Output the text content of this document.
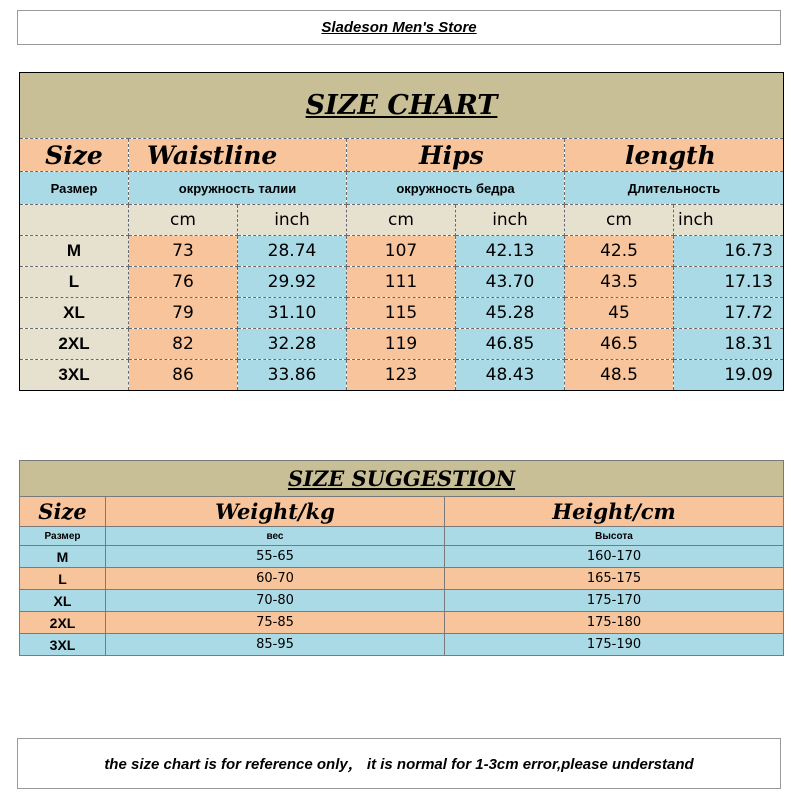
Sladeson Men's Store
SIZE CHART						
Size	Waistline		Hips		length	
Размер	окружность талии		окружность бедра		Длительность	
	cm	inch	cm	inch	cm	inch
M	73	28.74	107	42.13	42.5	16.73
L	76	29.92	111	43.70	43.5	17.13
XL	79	31.10	115	45.28	45	17.72
2XL	82	32.28	119	46.85	46.5	18.31
3XL	86	33.86	123	48.43	48.5	19.09
SIZE SUGGESTION		
Size	Weight/kg	Height/cm
Размер	вес	Высота
M	55-65	160-170
L	60-70	165-175
XL	70-80	175-170
2XL	75-85	175-180
3XL	85-95	175-190
the size chart is for reference only， it is normal for 1-3cm error,please understand
